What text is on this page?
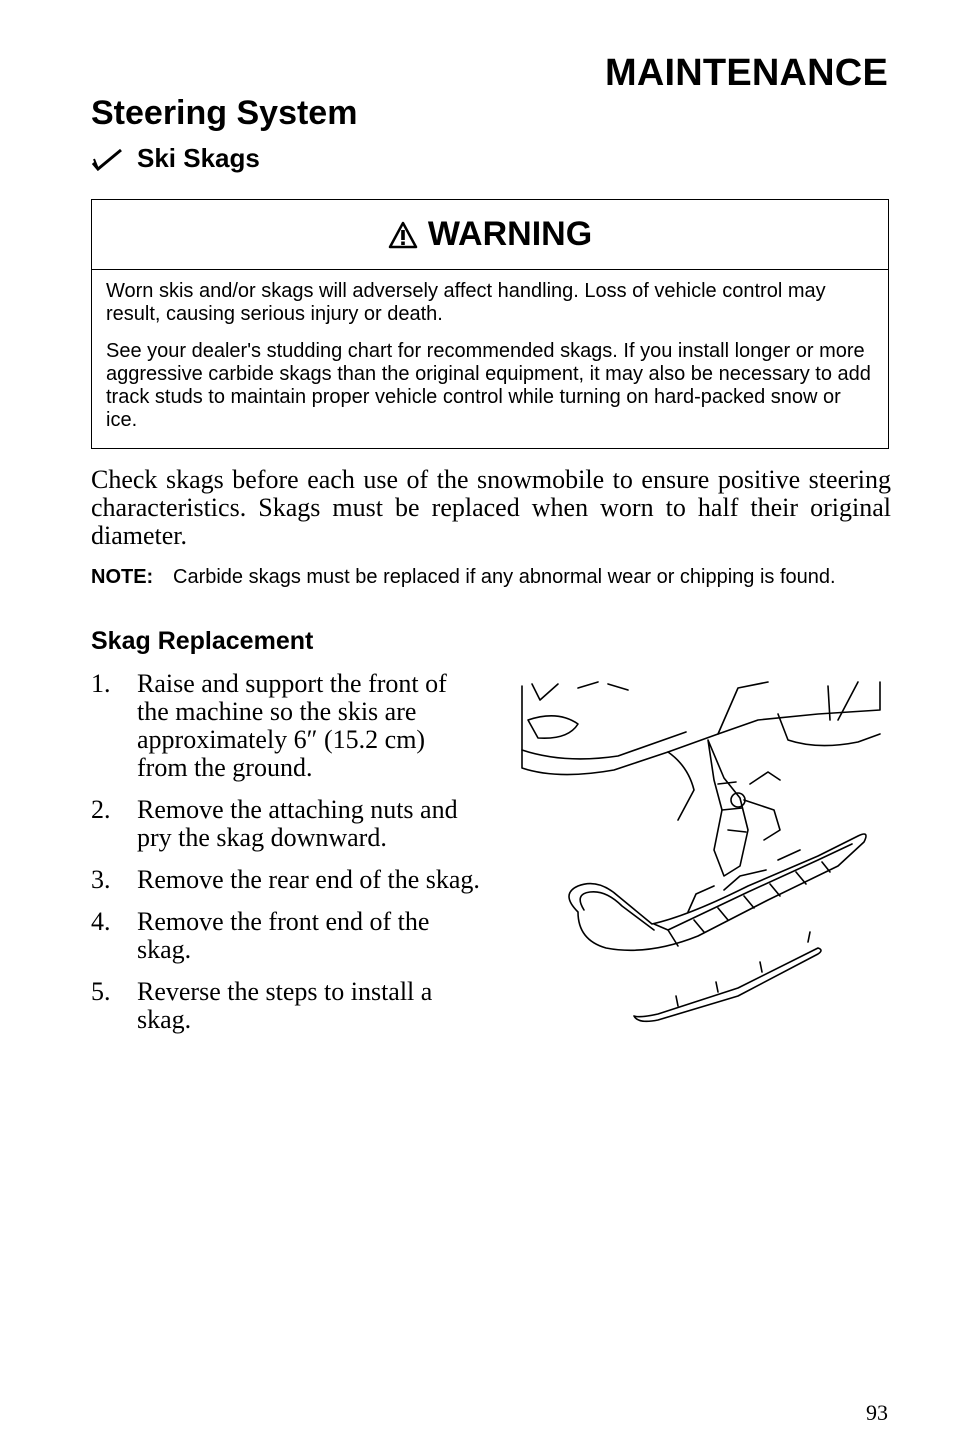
MAINTENANCE
Steering System
Ski Skags
WARNING

Worn skis and/or skags will adversely affect handling. Loss of vehicle control may result, causing serious injury or death.

See your dealer's studding chart for recommended skags. If you install longer or more aggressive carbide skags than the original equipment, it may also be necessary to add track studs to maintain proper vehicle control while turning on hard-packed snow or ice.

Check skags before each use of the snowmobile to ensure positive steering characteristics. Skags must be replaced when worn to half their original diameter.
NOTE: Carbide skags must be replaced if any abnormal wear or chipping is found.
Skag Replacement
1.	Raise and support the front of the machine so the skis are approximately 6″ (15.2 cm) from the ground.
2.	Remove the attaching nuts and pry the skag downward.
3.	Remove the rear end of the skag.
4.	Remove the front end of the skag.
5.	Reverse the steps to install a skag.
93
